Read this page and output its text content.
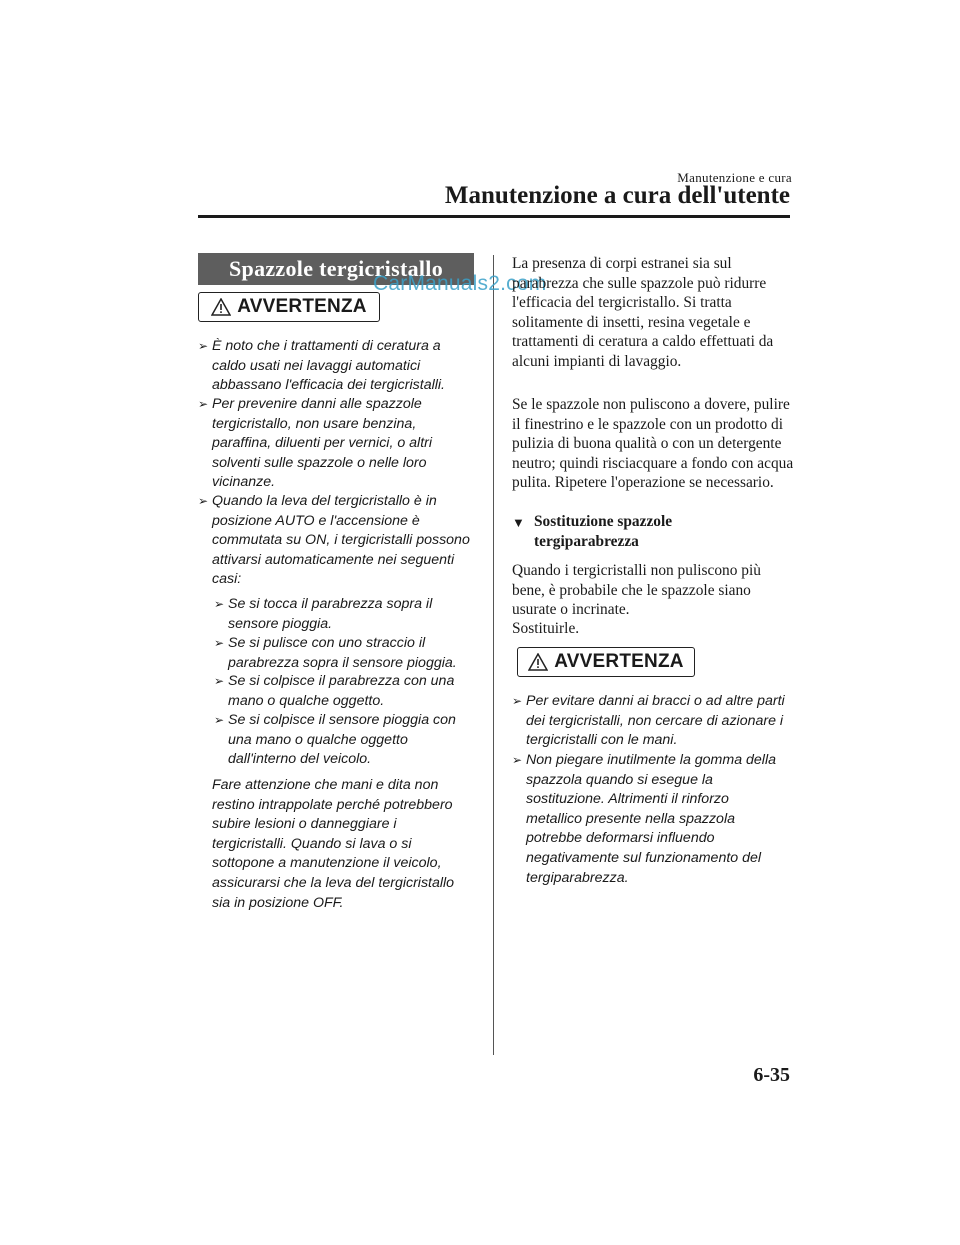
Manutenzione e cura
Manutenzione a cura dell'utente
Spazzole tergicristallo
AVVERTENZA
CarManuals2.com
➢ È noto che i trattamenti di ceratura a caldo usati nei lavaggi automatici abbassano l'efficacia dei tergicristalli.
➢ Per prevenire danni alle spazzole tergicristallo, non usare benzina, paraffina, diluenti per vernici, o altri solventi sulle spazzole o nelle loro vicinanze.
➢ Quando la leva del tergicristallo è in posizione AUTO e l'accensione è commutata su ON, i tergicristalli possono attivarsi automaticamente nei seguenti casi:
➢ Se si tocca il parabrezza sopra il sensore pioggia.
➢ Se si pulisce con uno straccio il parabrezza sopra il sensore pioggia.
➢ Se si colpisce il parabrezza con una mano o qualche oggetto.
➢ Se si colpisce il sensore pioggia con una mano o qualche oggetto dall'interno del veicolo.
Fare attenzione che mani e dita non restino intrappolate perché potrebbero subire lesioni o danneggiare i tergicristalli. Quando si lava o si sottopone a manutenzione il veicolo, assicurarsi che la leva del tergicristallo sia in posizione OFF.
La presenza di corpi estranei sia sul parabrezza che sulle spazzole può ridurre l'efficacia del tergicristallo. Si tratta solitamente di insetti, resina vegetale e trattamenti di ceratura a caldo effettuati da alcuni impianti di lavaggio.
Se le spazzole non puliscono a dovere, pulire il finestrino e le spazzole con un prodotto di pulizia di buona qualità o con un detergente neutro; quindi risciacquare a fondo con acqua pulita. Ripetere l'operazione se necessario.
▼ Sostituzione spazzole tergiparabrezza
Quando i tergicristalli non puliscono più bene, è probabile che le spazzole siano usurate o incrinate.
Sostituirle.
AVVERTENZA
➢ Per evitare danni ai bracci o ad altre parti dei tergicristalli, non cercare di azionare i tergicristalli con le mani.
➢ Non piegare inutilmente la gomma della spazzola quando si esegue la sostituzione. Altrimenti il rinforzo metallico presente nella spazzola potrebbe deformarsi influendo negativamente sul funzionamento del tergiparabrezza.
6-35
